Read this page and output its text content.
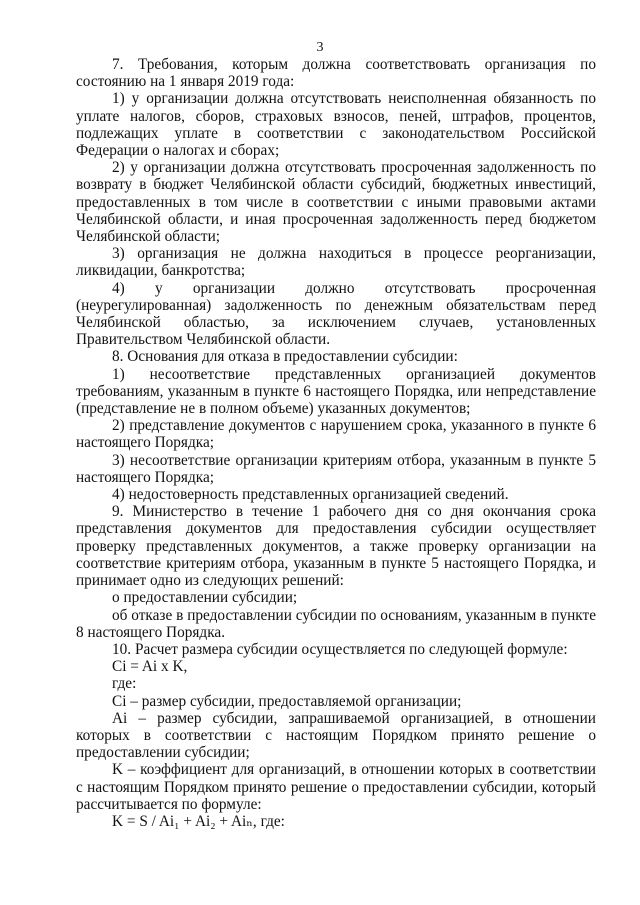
3

7. Требования, которым должна соответствовать организация по состоянию на 1 января 2019 года:

1) у организации должна отсутствовать неисполненная обязанность по уплате налогов, сборов, страховых взносов, пеней, штрафов, процентов, подлежащих уплате в соответствии с законодательством Российской Федерации о налогах и сборах;

2) у организации должна отсутствовать просроченная задолженность по возврату в бюджет Челябинской области субсидий, бюджетных инвестиций, предоставленных в том числе в соответствии с иными правовыми актами Челябинской области, и иная просроченная задолженность перед бюджетом Челябинской области;

3) организация не должна находиться в процессе реорганизации, ликвидации, банкротства;

4) у организации должно отсутствовать просроченная (неурегулированная) задолженность по денежным обязательствам перед Челябинской областью, за исключением случаев, установленных Правительством Челябинской области.

8. Основания для отказа в предоставлении субсидии:

1) несоответствие представленных организацией документов требованиям, указанным в пункте 6 настоящего Порядка, или непредставление (представление не в полном объеме) указанных документов;

2) представление документов с нарушением срока, указанного в пункте 6 настоящего Порядка;

3) несоответствие организации критериям отбора, указанным в пункте 5 настоящего Порядка;

4) недостоверность представленных организацией сведений.

9. Министерство в течение 1 рабочего дня со дня окончания срока представления документов для предоставления субсидии осуществляет проверку представленных документов, а также проверку организации на соответствие критериям отбора, указанным в пункте 5 настоящего Порядка, и принимает одно из следующих решений:

о предоставлении субсидии;

об отказе в предоставлении субсидии по основаниям, указанным в пункте 8 настоящего Порядка.

10. Расчет размера субсидии осуществляется по следующей формуле:

Ci = Ai x K,

где:

Ci – размер субсидии, предоставляемой организации;

Ai – размер субсидии, запрашиваемой организацией, в отношении которых в соответствии с настоящим Порядком принято решение о предоставлении субсидии;

K – коэффициент для организаций, в отношении которых в соответствии с настоящим Порядком принято решение о предоставлении субсидии, который рассчитывается по формуле:

K = S / Ai₁ + Ai₂ + Aiₙ, где:
